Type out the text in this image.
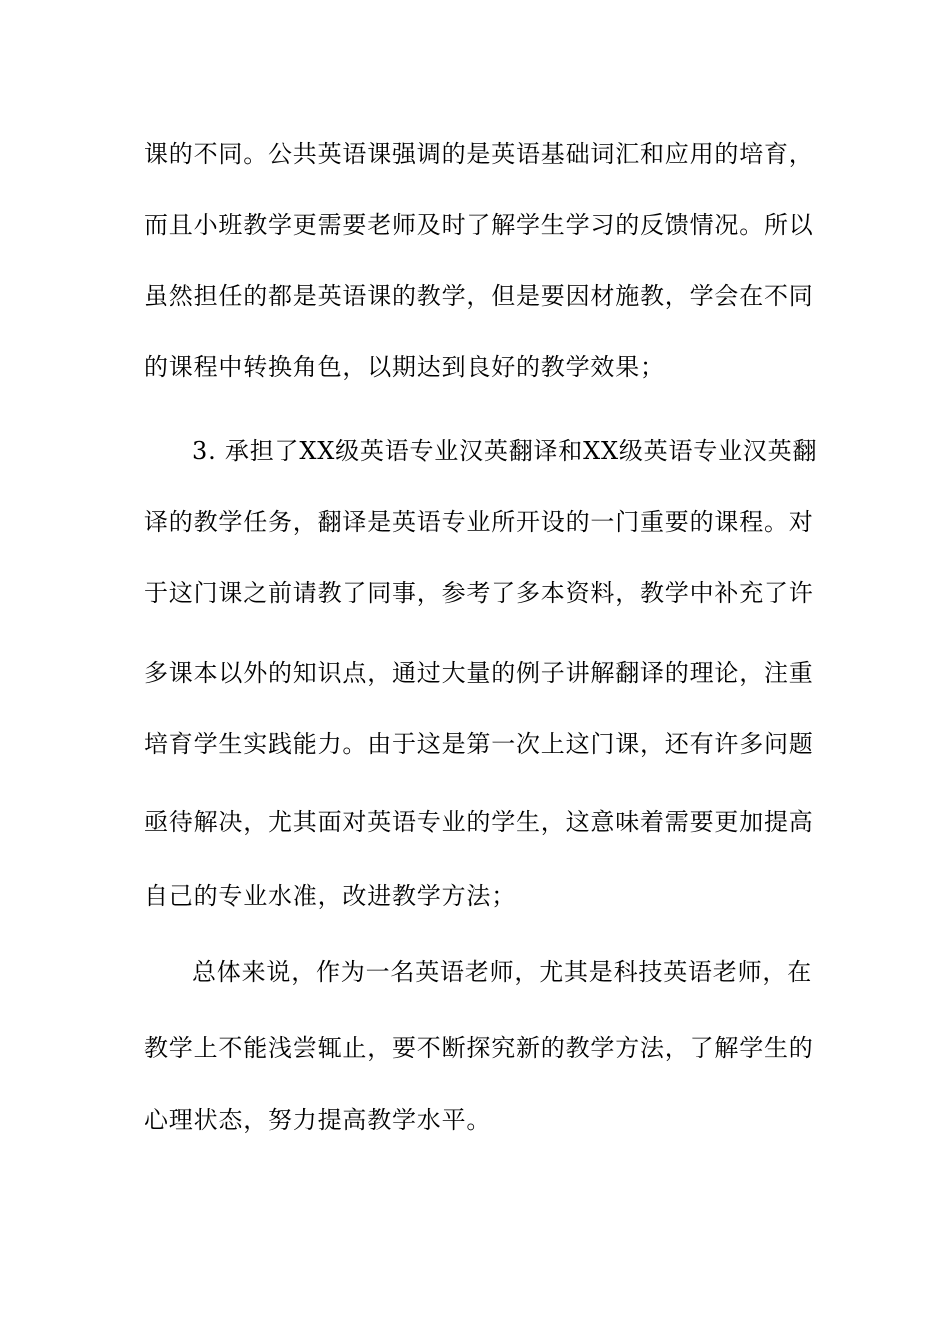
课的不同。公共英语课强调的是英语基础词汇和应用的培育，
而且小班教学更需要老师及时了解学生学习的反馈情况。所以
虽然担任的都是英语课的教学，但是要因材施教，学会在不同
的课程中转换角色，以期达到良好的教学效果；
3. 承担了XX级英语专业汉英翻译和XX级英语专业汉英翻
译的教学任务，翻译是英语专业所开设的一门重要的课程。对
于这门课之前请教了同事，参考了多本资料，教学中补充了许
多课本以外的知识点，通过大量的例子讲解翻译的理论，注重
培育学生实践能力。由于这是第一次上这门课，还有许多问题
亟待解决，尤其面对英语专业的学生，这意味着需要更加提高
自己的专业水准，改进教学方法；
总体来说，作为一名英语老师，尤其是科技英语老师，在
教学上不能浅尝辄止，要不断探究新的教学方法，了解学生的
心理状态，努力提高教学水平。
